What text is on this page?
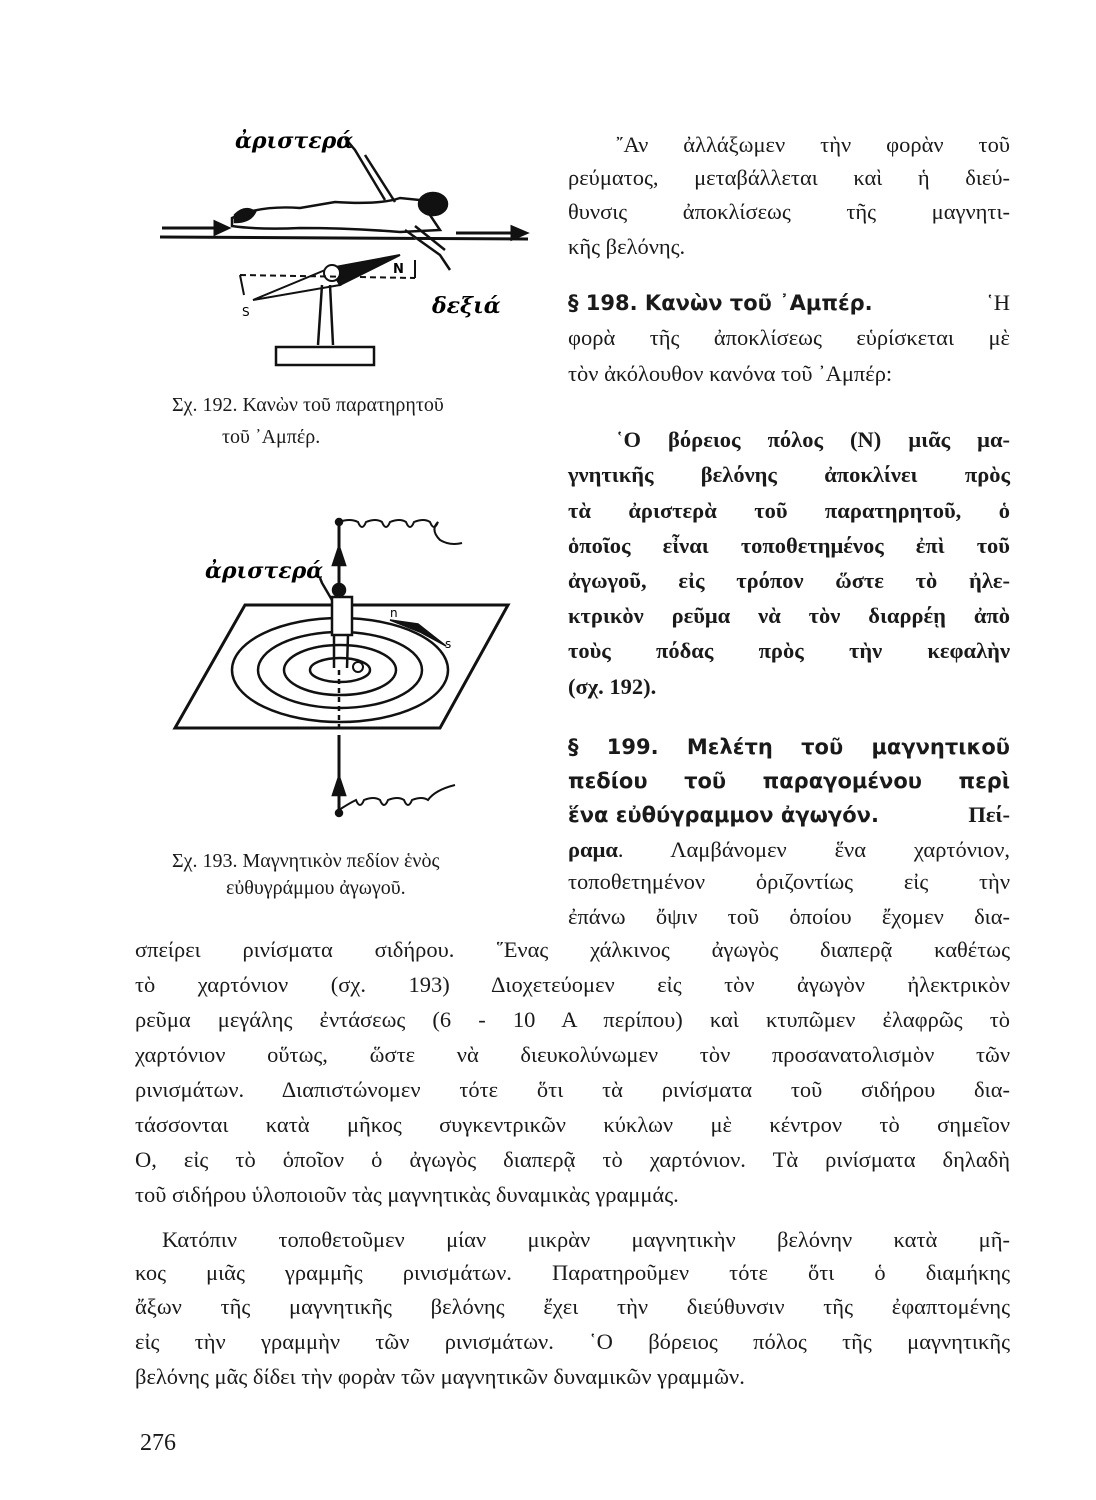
ἀριστερά
δεξιά
N
S
ἀριστερά
n
s
Σχ. 192. Κανὼν τοῦ παρατηρητοῦ
τοῦ ᾿Αμπέρ.
Σχ. 193. Μαγνητικὸν πεδίον ἑνὸς
εὐθυγράμμου ἀγωγοῦ.
῎Αν ἀλλάξωμεν τὴν φορὰν τοῦ
ρεύματος, μεταβάλλεται καὶ ἡ διεύ-
θυνσις ἀποκλίσεως τῆς μαγνητι-
κῆς βελόνης.
§ 198. Κανὼν τοῦ ᾿Αμπέρ.	῾Η
φορὰ τῆς ἀποκλίσεως εὑρίσκεται μὲ
τὸν ἀκόλουθον κανόνα τοῦ ᾿Αμπέρ:
῾Ο βόρειος πόλος (Ν) μιᾶς μα-
γνητικῆς βελόνης ἀποκλίνει πρὸς
τὰ ἀριστερὰ τοῦ παρατηρητοῦ, ὁ
ὁποῖος εἶναι τοποθετημένος ἐπὶ τοῦ
ἀγωγοῦ, εἰς τρόπον ὥστε τὸ ἠλε-
κτρικὸν ρεῦμα νὰ τὸν διαρρέῃ ἀπὸ
τοὺς πόδας πρὸς τὴν κεφαλὴν
(σχ. 192).
§ 199. Μελέτη τοῦ μαγνητικοῦ
πεδίου τοῦ παραγομένου περὶ
ἕνα εὐθύγραμμον ἀγωγόν.	Πεί-
ραμα. Λαμβάνομεν ἕνα χαρτόνιον,
τοποθετημένον ὁριζοντίως εἰς τὴν
ἐπάνω ὄψιν τοῦ ὁποίου ἔχομεν δια-
σπείρει ρινίσματα σιδήρου. ῞Ενας χάλκινος ἀγωγὸς διαπερᾷ καθέτως
τὸ χαρτόνιον (σχ. 193) Διοχετεύομεν εἰς τὸν ἀγωγὸν ἠλεκτρικὸν
ρεῦμα μεγάλης ἐντάσεως (6 - 10 Α περίπου) καὶ κτυπῶμεν ἐλαφρῶς τὸ
χαρτόνιον οὕτως, ὥστε νὰ διευκολύνωμεν τὸν προσανατολισμὸν τῶν
ρινισμάτων. Διαπιστώνομεν τότε ὅτι τὰ ρινίσματα τοῦ σιδήρου δια-
τάσσονται κατὰ μῆκος συγκεντρικῶν κύκλων μὲ κέντρον τὸ σημεῖον
Ο, εἰς τὸ ὁποῖον ὁ ἀγωγὸς διαπερᾷ τὸ χαρτόνιον. Τὰ ρινίσματα δηλαδὴ
τοῦ σιδήρου ὑλοποιοῦν τὰς μαγνητικὰς δυναμικὰς γραμμάς.
Κατόπιν τοποθετοῦμεν μίαν μικρὰν μαγνητικὴν βελόνην κατὰ μῆ-
κος μιᾶς γραμμῆς ρινισμάτων. Παρατηροῦμεν τότε ὅτι ὁ διαμήκης
ἄξων τῆς μαγνητικῆς βελόνης ἔχει τὴν διεύθυνσιν τῆς ἐφαπτομένης
εἰς τὴν γραμμὴν τῶν ρινισμάτων. ῾Ο βόρειος πόλος τῆς μαγνητικῆς
βελόνης μᾶς δίδει τὴν φορὰν τῶν μαγνητικῶν δυναμικῶν γραμμῶν.
276
